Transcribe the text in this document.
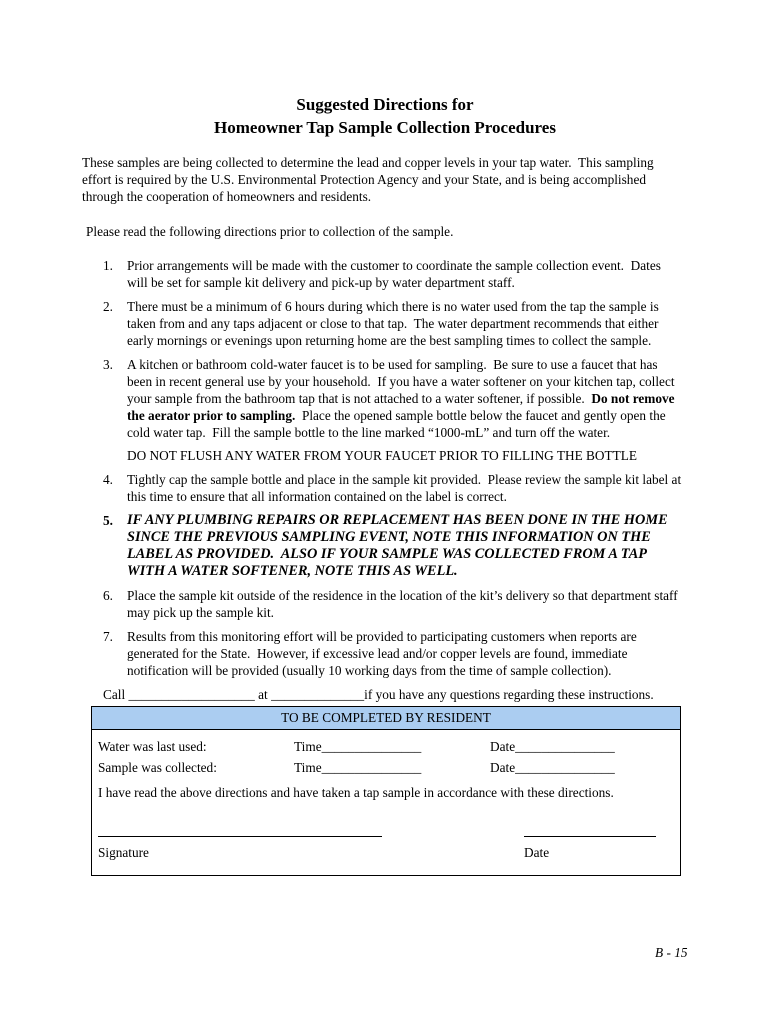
Suggested Directions for
Homeowner Tap Sample Collection Procedures
These samples are being collected to determine the lead and copper levels in your tap water.  This sampling
effort is required by the U.S. Environmental Protection Agency and your State, and is being accomplished
through the cooperation of homeowners and residents.
Please read the following directions prior to collection of the sample.
1.	Prior arrangements will be made with the customer to coordinate the sample collection event.  Dates
will be set for sample kit delivery and pick-up by water department staff.
2.	There must be a minimum of 6 hours during which there is no water used from the tap the sample is
taken from and any taps adjacent or close to that tap.  The water department recommends that either
early mornings or evenings upon returning home are the best sampling times to collect the sample.
3.	A kitchen or bathroom cold-water faucet is to be used for sampling.  Be sure to use a faucet that has
been in recent general use by your household.  If you have a water softener on your kitchen tap, collect
your sample from the bathroom tap that is not attached to a water softener, if possible.  Do not remove
the aerator prior to sampling.  Place the opened sample bottle below the faucet and gently open the
cold water tap.  Fill the sample bottle to the line marked “1000-mL” and turn off the water.
DO NOT FLUSH ANY WATER FROM YOUR FAUCET PRIOR TO FILLING THE BOTTLE
4.	Tightly cap the sample bottle and place in the sample kit provided.  Please review the sample kit label at
this time to ensure that all information contained on the label is correct.
5. IF ANY PLUMBING REPAIRS OR REPLACEMENT HAS BEEN DONE IN THE HOME
SINCE THE PREVIOUS SAMPLING EVENT, NOTE THIS INFORMATION ON THE
LABEL AS PROVIDED.  ALSO IF YOUR SAMPLE WAS COLLECTED FROM A TAP
WITH A WATER SOFTENER, NOTE THIS AS WELL.
6.	Place the sample kit outside of the residence in the location of the kit’s delivery so that department staff
may pick up the sample kit.
7.	Results from this monitoring effort will be provided to participating customers when reports are
generated for the State.  However, if excessive lead and/or copper levels are found, immediate
notification will be provided (usually 10 working days from the time of sample collection).
Call ___________________ at ______________if you have any questions regarding these instructions.
TO BE COMPLETED BY RESIDENT
Water was last used:	Time_______________	Date_______________
Sample was collected:	Time_______________	Date_______________
I have read the above directions and have taken a tap sample in accordance with these directions.
Signature	Date
B - 15
